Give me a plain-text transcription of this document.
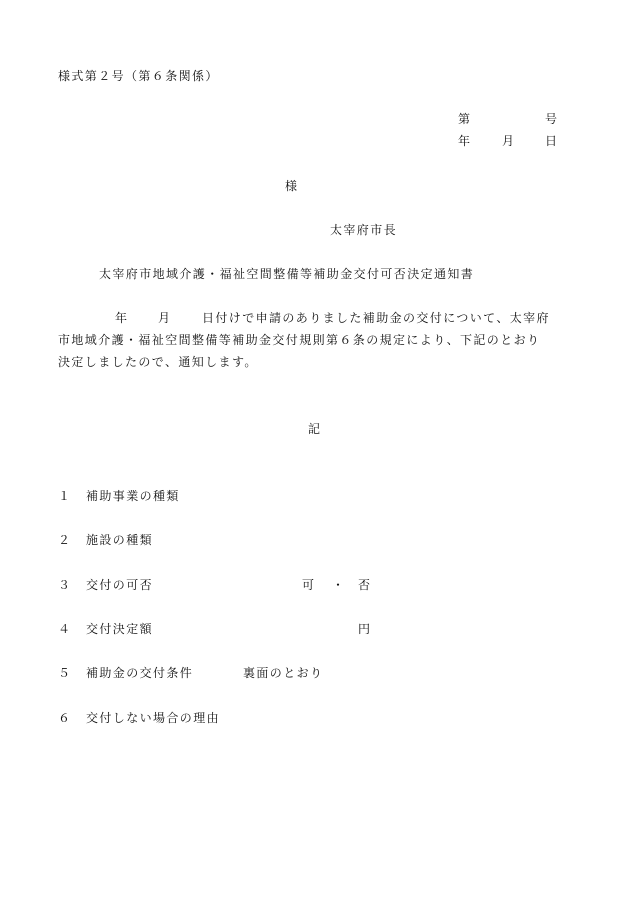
様式第２号（第６条関係）
第	号
年	月 日
様
太宰府市長
太宰府市地域介護・福祉空間整備等補助金交付可否決定通知書
年 月	日付けで申請のありました補助金の交付について、太宰府
市地域介護・福祉空間整備等補助金交付規則第６条の規定により、下記のとおり
決定しましたので、通知します。
記
１ 補助事業の種類
２ 施設の種類
３ 交付の可否	可 ・ 否
４ 交付決定額	円
５ 補助金の交付条件	裏面のとおり
６ 交付しない場合の理由
